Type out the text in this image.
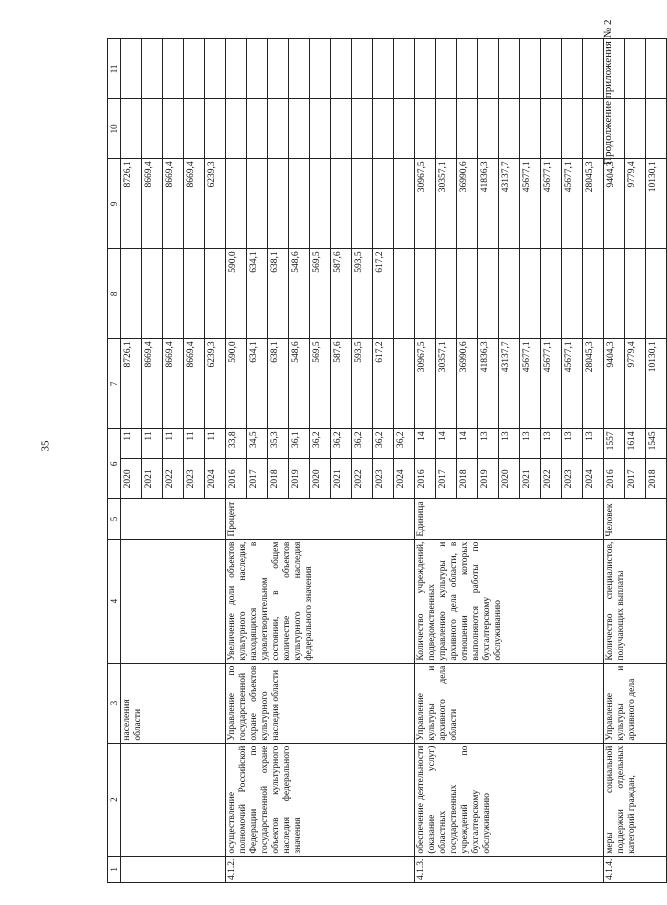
35
Продолжение приложения № 2
1	2	3	4	5	6		7	8	9	10	11
		населения области			2020	11	8726,1		8726,1		
					2021	11	8669,4		8669,4		
					2022	11	8669,4		8669,4		
					2023	11	8669,4		8669,4		
					2024	11	6239,3		6239,3		
4.1.2.	осуществление полномочий Российской Федерации по государственной охране объектов культурного наследия федерального значения	Управление по государственной охране объектов культурного наследия области	Увеличение доли объектов культурного наследия, находящихся в удовлетворительном состоянии, в общем количестве объектов культурного наследия федерального значения	Процент	2016	33,8	590,0	590,0			
					2017	34,5	634,1	634,1			
					2018	35,3	638,1	638,1			
					2019	36,1	548,6	548,6			
					2020	36,2	569,5	569,5			
					2021	36,2	587,6	587,6			
					2022	36,2	593,5	593,5			
					2023	36,2	617,2	617,2			
					2024	36,2					
4.1.3.	обеспечение деятельности (оказание услуг) областных государственных учреждений по бухгалтерскому обслуживанию	Управление культуры и архивного дела области	Количество учреждений, подведомственных управлению культуры и архивного дела области, в отношении которых выполняются работы по бухгалтерскому обслуживанию	Единица	2016	14	30967,5		30967,5		
					2017	14	30357,1		30357,1		
					2018	14	36990,6		36990,6		
					2019	13	41836,3		41836,3		
					2020	13	43137,7		43137,7		
					2021	13	45677,1		45677,1		
					2022	13	45677,1		45677,1		
					2023	13	45677,1		45677,1		
					2024	13	28045,3		28045,3		
4.1.4.	меры социальной поддержки отдельных категорий граждан,	Управление культуры и архивного дела	Количество специалистов, получающих выплаты	Человек	2016	1557	9404,3		9404,3		
					2017	1614	9779,4		9779,4		
					2018	1545	10130,1		10130,1		
